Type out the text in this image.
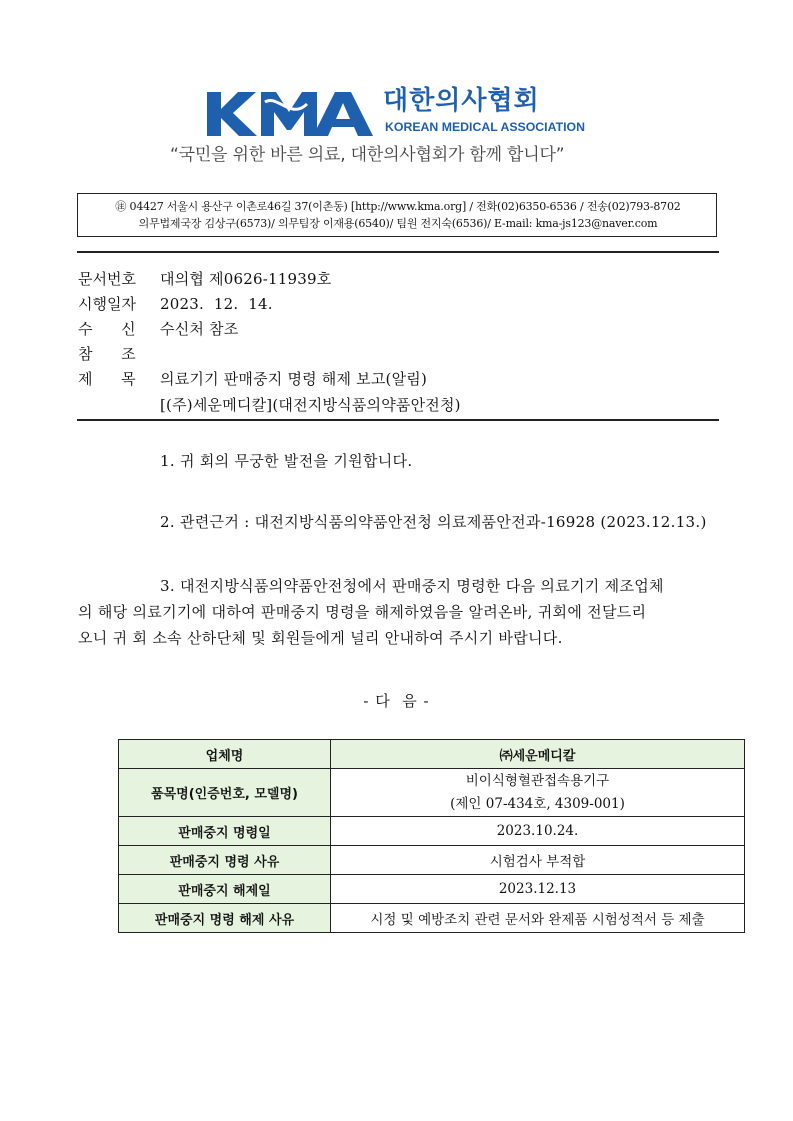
대한의사협회
KOREAN MEDICAL ASSOCIATION
“국민을 위한 바른 의료, 대한의사협회가 함께 합니다”
㊟ 04427 서울시 용산구 이촌로46길 37(이촌동) [http://www.kma.org] / 전화(02)6350-6536 / 전송(02)793-8702
의무법제국장 김상구(6573)/ 의무팀장 이재용(6540)/ 팀원 전지숙(6536)/ E-mail: kma-js123@naver.com
문서번호 대의협 제0626-11939호
시행일자 2023.  12.  14.
수      신 수신처 참조
참      조
제      목 의료기기 판매중지 명령 해제 보고(알림)
[(주)세운메디칼](대전지방식품의약품안전청)
1. 귀 회의 무궁한 발전을 기원합니다.
2. 관련근거 : 대전지방식품의약품안전청 의료제품안전과-16928 (2023.12.13.)
3. 대전지방식품의약품안전청에서 판매중지 명령한 다음 의료기기 제조업체
의 해당 의료기기에 대하여 판매중지 명령을 해제하였음을 알려온바, 귀회에 전달드리
오니 귀 회 소속 산하단체 및 회원들에게 널리 안내하여 주시기 바랍니다.
- 다  음 -
업체명	㈜세운메디칼
품목명(인증번호, 모델명)	비이식형혈관접속용기구
(제인 07-434호, 4309-001)

판매중지 명령일	2023.10.24.
판매중지 명령 사유	시험검사 부적합
판매중지 해제일	2023.12.13
판매중지 명령 해제 사유	시정 및 예방조치 관련 문서와 완제품 시험성적서 등 제출
